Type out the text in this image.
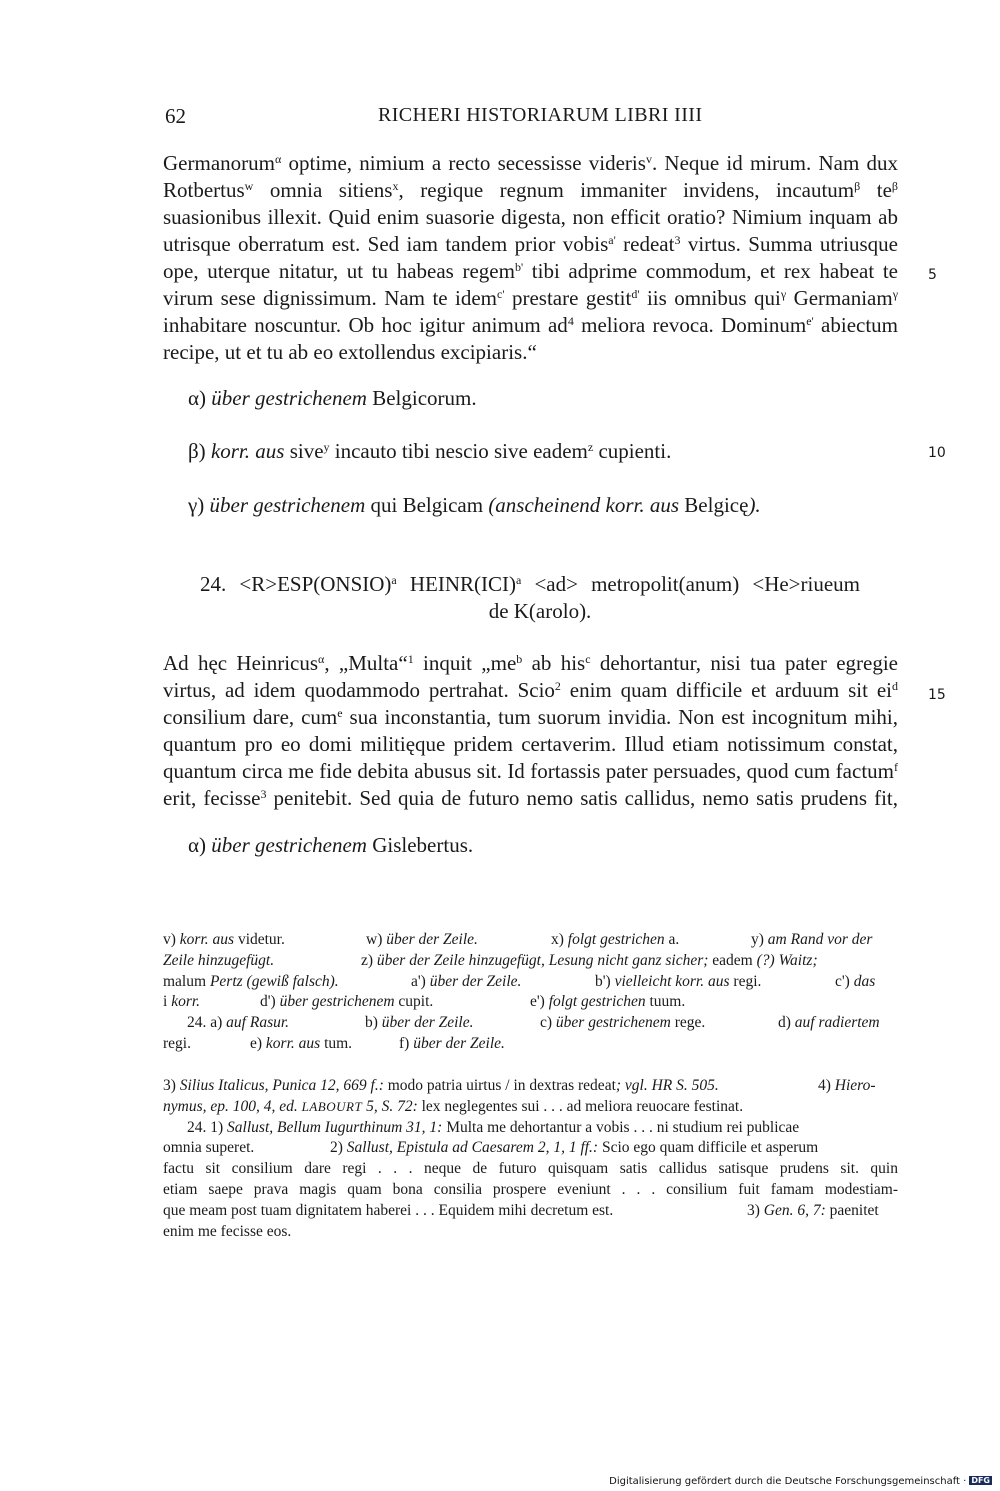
62	RICHERI HISTORIARUM LIBRI IIII
Germanorum$^\alpha$ optime, nimium a recto secessisse videris$^v$. Neque id mirum. Nam dux
Rotbertus$^w$ omnia sitiens$^x$, regique regnum immaniter invidens, incautum$^\beta$ $te^\beta$
suasionibus illexit. Quid enim suasorie digesta, non efficit oratio? Nimium inquam ab
utrisque oberratum est. Sed iam tandem prior vobis$^{a'}$ redeat$^3$ virtus. Summa utriusque
ope, uterque nitatur, ut tu habeas regem$^{b'}$ tibi adprime commodum, et rex habeat te
virum sese dignissimum. Nam te idem$^{c'}$ prestare gestit$^{d'}$ iis omnibus qui$^\gamma$ Germaniam$^\gamma$
inhabitare noscuntur. Ob hoc igitur animum $ad^4$ meliora revoca. Dominum$^{e'}$ abiectum
recipe, ut et tu ab eo extollendus excipiaris.“
5
α) über gestrichenem Belgicorum.
β) korr. aus sive$^y$ incauto tibi nescio sive eadem$^z$ cupienti.	10
γ) über gestrichenem qui Belgicam (anscheinend korr. aus Belgicę).
24. <R>ESP(ONSIO)$^a$ HEINR(ICI)$^a$ <ad> metropolit(anum) <He>riueum
de K(arolo).
Ad hęc Heinricus$^\alpha$, „Multa“$^1$ inquit $„me^b$ ab his$^c$ dehortantur, nisi tua pater egregie
virtus, ad idem quodammodo pertrahat. Scio$^2$ enim quam difficile et arduum sit $ei^d$
consilium dare, cum$^e$ sua inconstantia, tum suorum invidia. Non est incognitum mihi,
quantum pro eo domi militięque pridem certaverim. Illud etiam notissimum constat,
quantum circa me fide debita abusus sit. Id fortassis pater persuades, quod cum factum$^f$
erit, fecisse$^3$ penitebit. Sed quia de futuro nemo satis callidus, nemo satis prudens fit,
15
α) über gestrichenem Gislebertus.
v) korr. aus videtur.	w) über der Zeile.	x) folgt gestrichen a.	y) am Rand vor der
Zeile hinzugefügt.	z) über der Zeile hinzugefügt, Lesung nicht ganz sicher; eadem (?) Waitz;
malum Pertz (gewiß falsch).	a') über der Zeile.	b') vielleicht korr. aus regi.	c') das
i korr.	d') über gestrichenem cupit.	e') folgt gestrichen tuum.
24. a) auf Rasur.	b) über der Zeile.	c) über gestrichenem rege.	d) auf radiertem
regi.	e) korr. aus tum.	f) über der Zeile.
3) Silius Italicus, Punica 12, 669 f.: modo patria uirtus / in dextras redeat; vgl. HR S. 505.	4) Hiero-
nymus, ep. 100, 4, ed. LABOURT 5, S. 72: lex neglegentes sui . . . ad meliora reuocare festinat.
24. 1) Sallust, Bellum Iugurthinum 31, 1: Multa me dehortantur a vobis . . . ni studium rei publicae
omnia superet.	2) Sallust, Epistula ad Caesarem 2, 1, 1 ff.: Scio ego quam difficile et asperum
factu sit consilium dare regi . . . neque de futuro quisquam satis callidus satisque prudens sit. quin
etiam saepe prava magis quam bona consilia prospere eveniunt . . . consilium fuit famam modestiam-
que meam post tuam dignitatem haberei . . . Equidem mihi decretum est.	3) Gen. 6, 7: paenitet
enim me fecisse eos.
Digitalisierung gefördert durch die Deutsche Forschungsgemeinschaft · DFG
